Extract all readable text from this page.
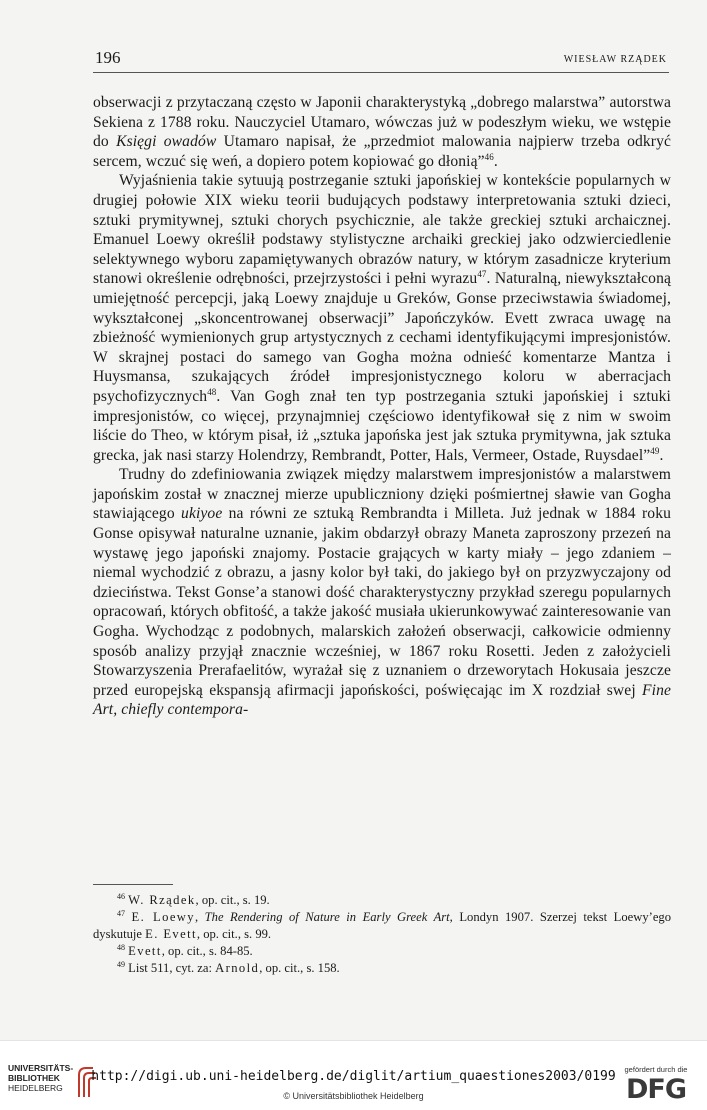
196	WIESŁAW RZĄDEK

obserwacji z przytaczaną często w Japonii charakterystyką „dobrego malarstwa” autorstwa Sekiena z 1788 roku. Nauczyciel Utamaro, wówczas już w podeszłym wieku, we wstępie do Księgi owadów Utamaro napisał, że „przedmiot malowania najpierw trzeba odkryć sercem, wczuć się weń, a dopiero potem kopiować go dłonią”$^{46}$.

Wyjaśnienia takie sytuują postrzeganie sztuki japońskiej w kontekście popularnych w drugiej połowie XIX wieku teorii budujących podstawy interpretowania sztuki dzieci, sztuki prymitywnej, sztuki chorych psychicznie, ale także greckiej sztuki archaicznej. Emanuel Loewy określił podstawy stylistyczne archaiki greckiej jako odzwierciedlenie selektywnego wyboru zapamiętywanych obrazów natury, w którym zasadnicze kryterium stanowi określenie odrębności, przejrzystości i pełni wyrazu$^{47}$. Naturalną, niewykształconą umiejętność percepcji, jaką Loewy znajduje u Greków, Gonse przeciwstawia świadomej, wykształconej „skoncentrowanej obserwacji” Japończyków. Evett zwraca uwagę na zbieżność wymienionych grup artystycznych z cechami identyfikującymi impresjonistów. W skrajnej postaci do samego van Gogha można odnieść komentarze Mantza i Huysmansa, szukających źródeł impresjonistycznego koloru w aberracjach psychofizycznych$^{48}$. Van Gogh znał ten typ postrzegania sztuki japońskiej i sztuki impresjonistów, co więcej, przynajmniej częściowo identyfikował się z nim w swoim liście do Theo, w którym pisał, iż „sztuka japońska jest jak sztuka prymitywna, jak sztuka grecka, jak nasi starzy Holendrzy, Rembrandt, Potter, Hals, Vermeer, Ostade, Ruysdael”$^{49}$.

Trudny do zdefiniowania związek między malarstwem impresjonistów a malarstwem japońskim został w znacznej mierze upubliczniony dzięki pośmiertnej sławie van Gogha stawiającego ukiyoe na równi ze sztuką Rembrandta i Milleta. Już jednak w 1884 roku Gonse opisywał naturalne uznanie, jakim obdarzył obrazy Maneta zaproszony przezeń na wystawę jego japoński znajomy. Postacie grających w karty miały – jego zdaniem – niemal wychodzić z obrazu, a jasny kolor był taki, do jakiego był on przyzwyczajony od dzieciństwa. Tekst Gonse’a stanowi dość charakterystyczny przykład szeregu popularnych opracowań, których obfitość, a także jakość musiała ukierunkowywać zainteresowanie van Gogha. Wychodząc z podobnych, malarskich założeń obserwacji, całkowicie odmienny sposób analizy przyjął znacznie wcześniej, w 1867 roku Rosetti. Jeden z założycieli Stowarzyszenia Prerafaelitów, wyrażał się z uznaniem o drzeworytach Hokusaia jeszcze przed europejską ekspansją afirmacji japońskości, poświęcając im X rozdział swej Fine Art, chiefly contempora-

$^{46}$ W. Rządek, op. cit., s. 19.

$^{47}$ E. Loewy, The Rendering of Nature in Early Greek Art, Londyn 1907. Szerzej tekst Loewy’ego dyskutuje E. Evett, op. cit., s. 99.

$^{48}$ Evett, op. cit., s. 84-85.

$^{49}$ List 511, cyt. za: Arnold, op. cit., s. 158.

UNIVERSITÄTS-
BIBLIOTHEK
HEIDELBERG
http://digi.ub.uni-heidelberg.de/diglit/artium_quaestiones2003/0199
© Universitätsbibliothek Heidelberg
gefördert durch die
DFG
